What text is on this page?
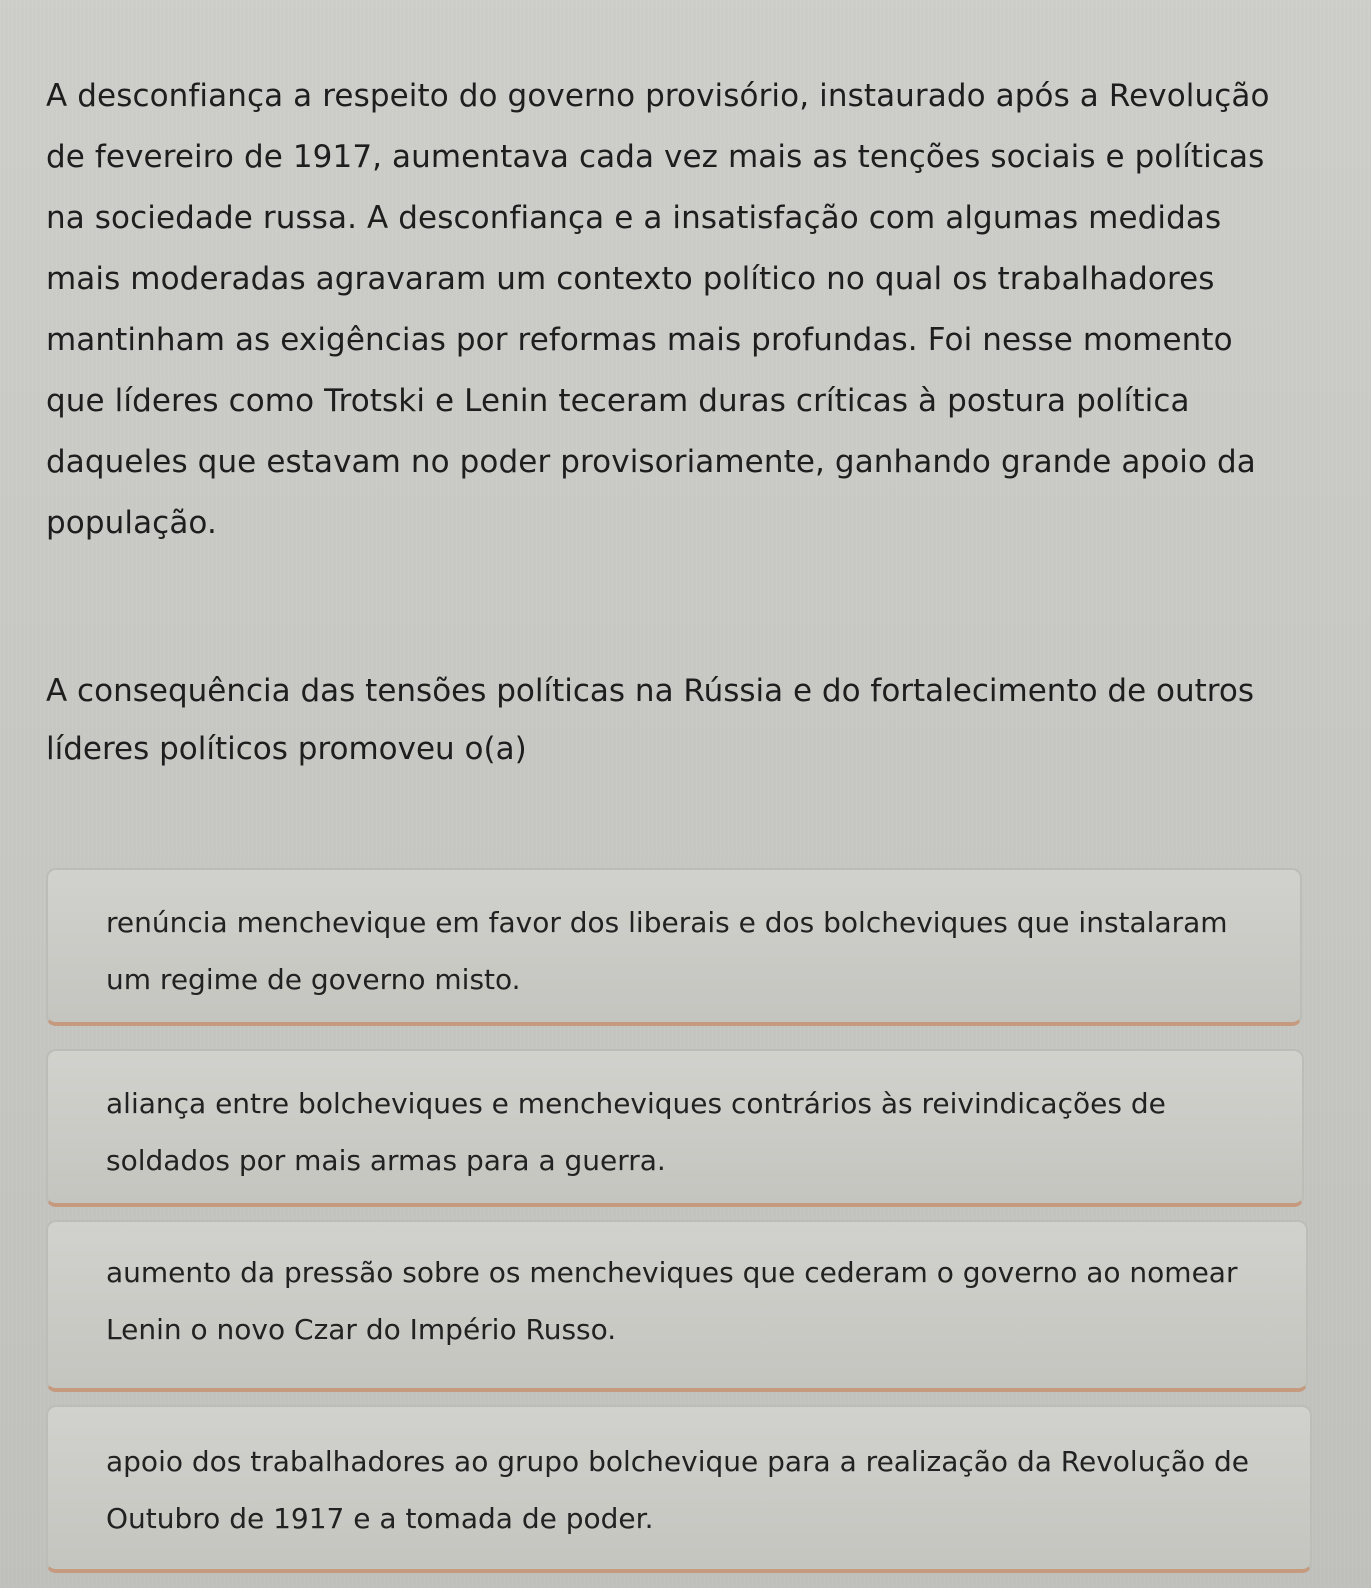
A desconfiança a respeito do governo provisório, instaurado após a Revolução de fevereiro de 1917, aumentava cada vez mais as tenções sociais e políticas na sociedade russa. A desconfiança e a insatisfação com algumas medidas mais moderadas agravaram um contexto político no qual os trabalhadores mantinham as exigências por reformas mais profundas. Foi nesse momento que líderes como Trotski e Lenin teceram duras críticas à postura política daqueles que estavam no poder provisoriamente, ganhando grande apoio da população.

A consequência das tensões políticas na Rússia e do fortalecimento de outros líderes políticos promoveu o(a)

renúncia menchevique em favor dos liberais e dos bolcheviques que instalaram um regime de governo misto.
aliança entre bolcheviques e mencheviques contrários às reivindicações de soldados por mais armas para a guerra.
aumento da pressão sobre os mencheviques que cederam o governo ao nomear Lenin o novo Czar do Império Russo.
apoio dos trabalhadores ao grupo bolchevique para a realização da Revolução de Outubro de 1917 e a tomada de poder.
